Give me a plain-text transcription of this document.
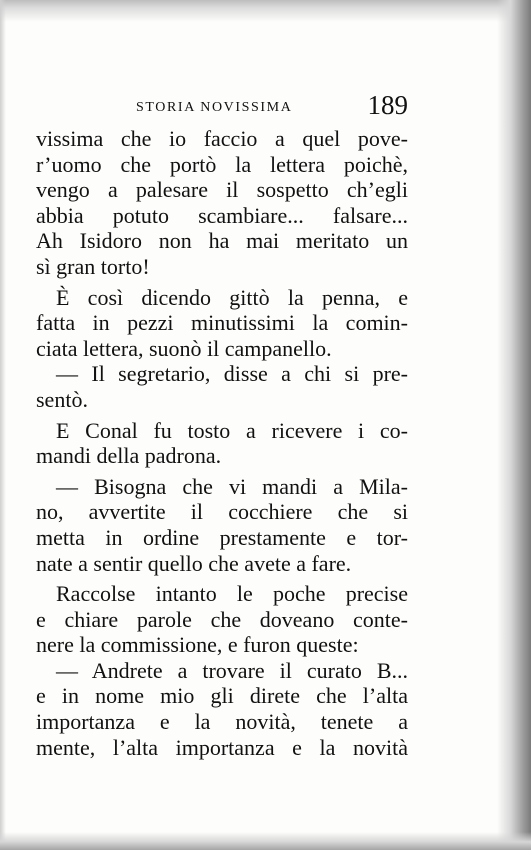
STORIA NOVISSIMA	189
vissima che io faccio a quel pove-
r’uomo che portò la lettera poichè,
vengo a palesare il sospetto ch’egli
abbia potuto scambiare... falsare...
Ah Isidoro non ha mai meritato un
sì gran torto!
È così dicendo gittò la penna, e
fatta in pezzi minutissimi la comin-
ciata lettera, suonò il campanello.
— Il segretario, disse a chi si pre-
sentò.
E Conal fu tosto a ricevere i co-
mandi della padrona.
— Bisogna che vi mandi a Mila-
no, avvertite il cocchiere che si
metta in ordine prestamente e tor-
nate a sentir quello che avete a fare.
Raccolse intanto le poche precise
e chiare parole che doveano conte-
nere la commissione, e furon queste:
— Andrete a trovare il curato B...
e in nome mio gli direte che l’alta
importanza e la novità, tenete a
mente, l’alta importanza e la novità
